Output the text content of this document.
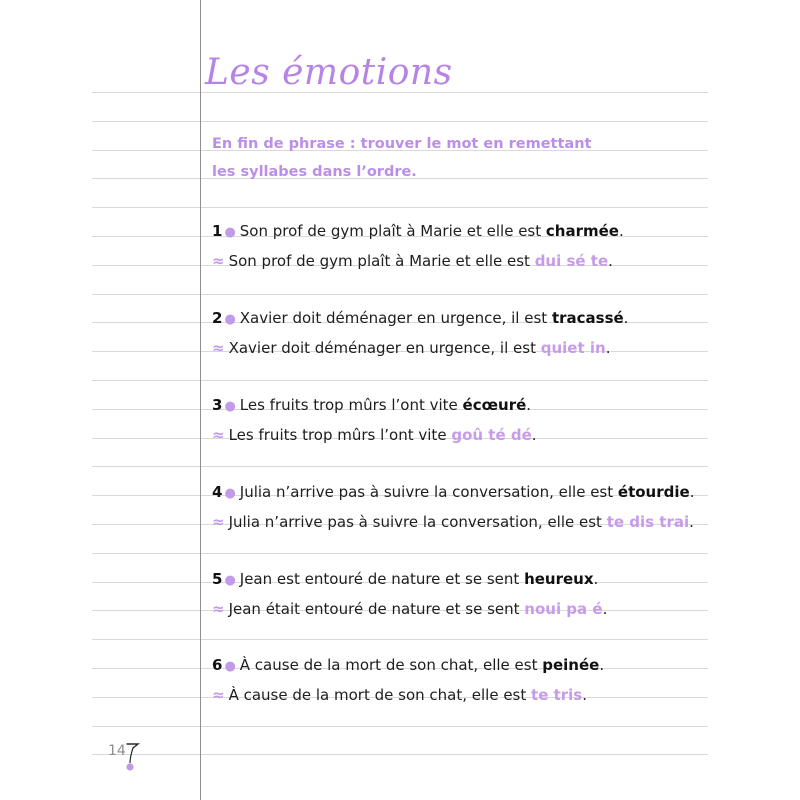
Les émotions
En fin de phrase : trouver le mot en remettant
les syllabes dans l’ordre.
1 ● Son prof de gym plaît à Marie et elle est charmée.
≈ Son prof de gym plaît à Marie et elle est dui sé te.
2 ● Xavier doit déménager en urgence, il est tracassé.
≈ Xavier doit déménager en urgence, il est quiet in.
3 ● Les fruits trop mûrs l’ont vite écœuré.
≈ Les fruits trop mûrs l’ont vite goû té dé.
4 ● Julia n’arrive pas à suivre la conversation, elle est étourdie.
≈ Julia n’arrive pas à suivre la conversation, elle est te dis trai.
5 ● Jean est entouré de nature et se sent heureux.
≈ Jean était entouré de nature et se sent noui pa é.
6 ● À cause de la mort de son chat, elle est peinée.
≈ À cause de la mort de son chat, elle est te tris.
14
